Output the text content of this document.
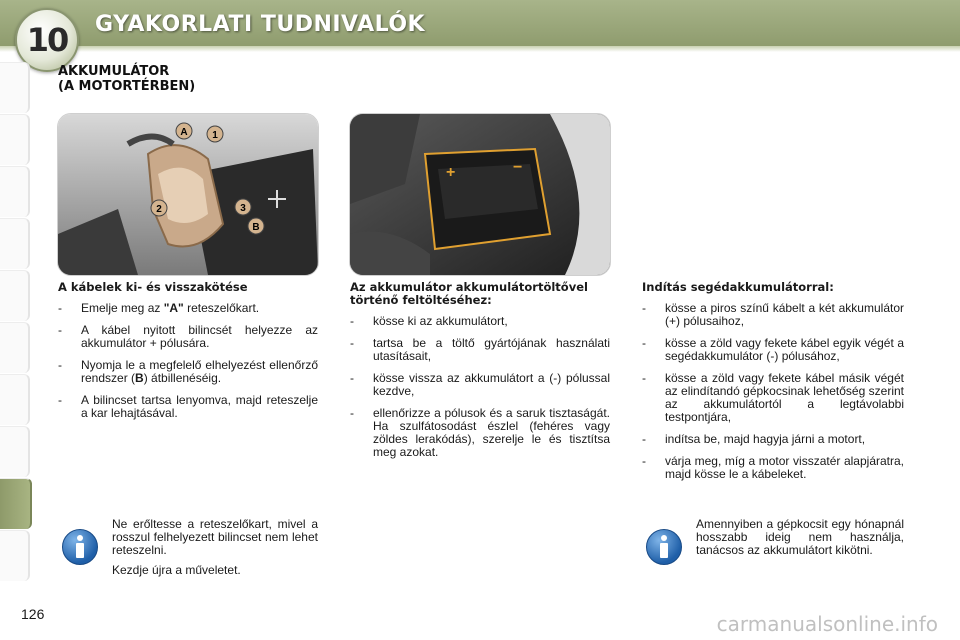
10 GYAKORLATI TUDNIVALÓK
AKKUMULÁTOR
(A MOTORTÉRBEN)
A 1
2	3
B
+	−
A kábelek ki- és visszakötése
- Emelje meg az "A" reteszelőkart.
- A kábel nyitott bilincsét helyezze az akkumulátor + pólusára.
- Nyomja le a megfelelő elhelyezést ellenőrző rendszer (B) átbillenéséig.
- A bilincset tartsa lenyomva, majd reteszelje a kar lehajtásával.
Az akkumulátor akkumulátortöltővel történő feltöltéséhez:
- kösse ki az akkumulátort,
- tartsa be a töltő gyártójának használati utasításait,
- kösse vissza az akkumulátort a (-) pólussal kezdve,
- ellenőrizze a pólusok és a saruk tisztaságát. Ha szulfátosodást észlel (fehéres vagy zöldes lerakódás), szerelje le és tisztítsa meg azokat.
Indítás segédakkumulátorral:
- kösse a piros színű kábelt a két akkumulátor (+) pólusaihoz,
- kösse a zöld vagy fekete kábel egyik végét a segédakkumulátor (-) pólusához,
- kösse a zöld vagy fekete kábel másik végét az elindítandó gépkocsinak lehetőség szerint az akkumulátortól a legtávolabbi testpontjára,
- indítsa be, majd hagyja járni a motort,
- várja meg, míg a motor visszatér alapjáratra, majd kösse le a kábeleket.

Ne erőltesse a reteszelőkart, mivel a rosszul felhelyezett bilincset nem lehet reteszelni.

Kezdje újra a műveletet.

Amennyiben a gépkocsit egy hónapnál hosszabb ideig nem használja, tanácsos az akkumulátort kikötni.

126	carmanualsonline.info
